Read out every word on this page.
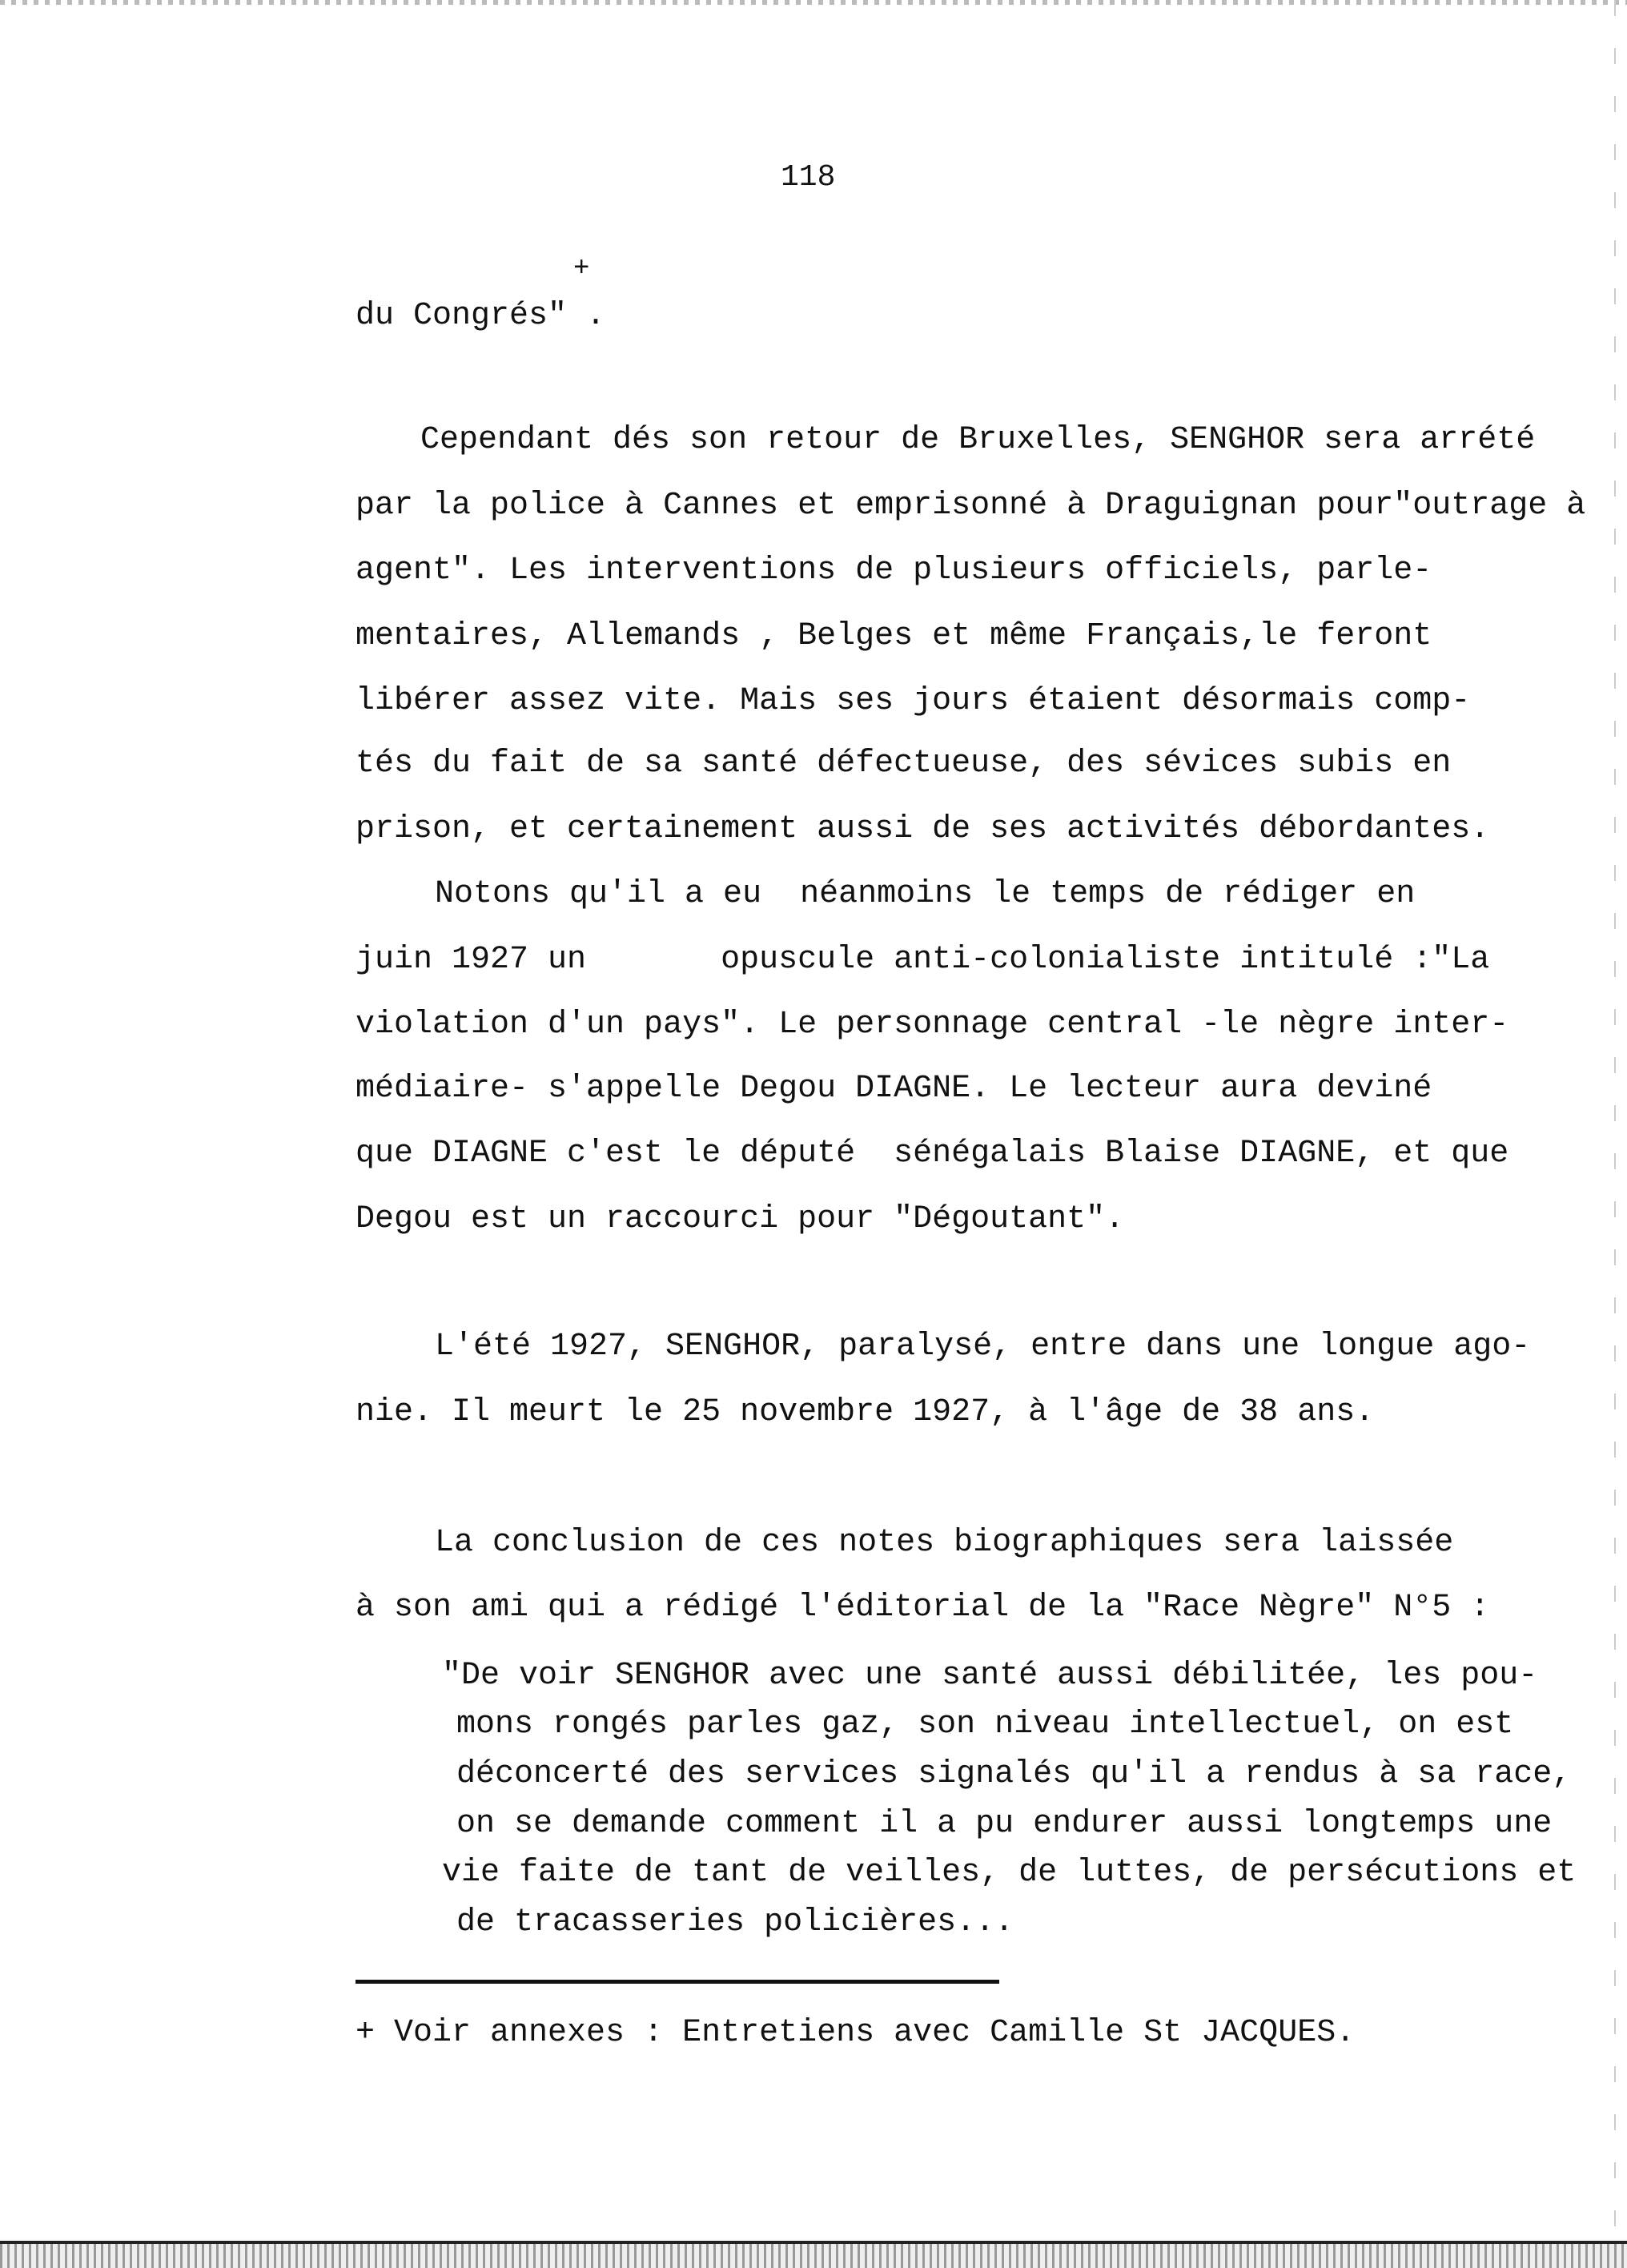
118
+
du Congrés" .
Cependant dés son retour de Bruxelles, SENGHOR sera arrété
par la police à Cannes et emprisonné à Draguignan pour"outrage à
agent". Les interventions de plusieurs officiels, parle-
mentaires, Allemands , Belges et même Français,le feront
libérer assez vite. Mais ses jours étaient désormais comp-
tés du fait de sa santé défectueuse, des sévices subis en
prison, et certainement aussi de ses activités débordantes.
Notons qu'il a eu  néanmoins le temps de rédiger en
juin 1927 un       opuscule anti-colonialiste intitulé :"La
violation d'un pays". Le personnage central -le nègre inter-
médiaire- s'appelle Degou DIAGNE. Le lecteur aura deviné
que DIAGNE c'est le député  sénégalais Blaise DIAGNE, et que
Degou est un raccourci pour "Dégoutant".
L'été 1927, SENGHOR, paralysé, entre dans une longue ago-
nie. Il meurt le 25 novembre 1927, à l'âge de 38 ans.
La conclusion de ces notes biographiques sera laissée
à son ami qui a rédigé l'éditorial de la "Race Nègre" N°5 :
"De voir SENGHOR avec une santé aussi débilitée, les pou-
mons rongés parles gaz, son niveau intellectuel, on est
déconcerté des services signalés qu'il a rendus à sa race,
on se demande comment il a pu endurer aussi longtemps une
vie faite de tant de veilles, de luttes, de persécutions et
de tracasseries policières...
+ Voir annexes : Entretiens avec Camille St JACQUES.
